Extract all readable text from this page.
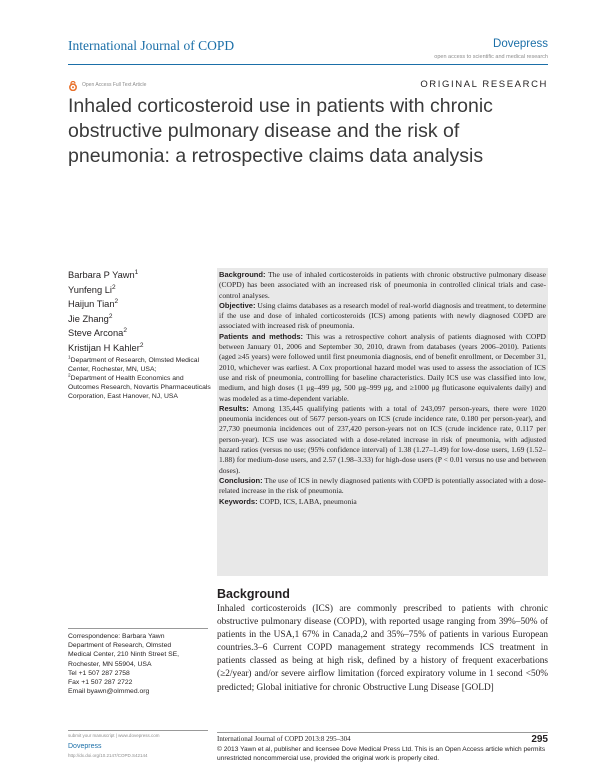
International Journal of COPD	Dovepress
open access to scientific and medical research
Open Access Full Text Article	ORIGINAL RESEARCH
Inhaled corticosteroid use in patients with chronic obstructive pulmonary disease and the risk of pneumonia: a retrospective claims data analysis
Barbara P Yawn$^1$
Yunfeng Li$^2$
Haijun Tian$^2$
Jie Zhang$^2$
Steve Arcona$^2$
Kristijan H Kahler$^2$
$^1$Department of Research, Olmsted Medical Center, Rochester, MN, USA;
$^2$Department of Health Economics and Outcomes Research, Novartis Pharmaceuticals Corporation, East Hanover, NJ, USA

Background: The use of inhaled corticosteroids in patients with chronic obstructive pulmonary disease (COPD) has been associated with an increased risk of pneumonia in controlled clinical trials and case-control analyses.

Objective: Using claims databases as a research model of real-world diagnosis and treatment, to determine if the use and dose of inhaled corticosteroids (ICS) among patients with newly diagnosed COPD are associated with increased risk of pneumonia.

Patients and methods: This was a retrospective cohort analysis of patients diagnosed with COPD between January 01, 2006 and September 30, 2010, drawn from databases (years 2006–2010). Patients (aged ≥45 years) were followed until first pneumonia diagnosis, end of benefit enrollment, or December 31, 2010, whichever was earliest. A Cox proportional hazard model was used to assess the association of ICS use and risk of pneumonia, controlling for baseline characteristics. Daily ICS use was classified into low, medium, and high doses (1 μg–499 μg, 500 μg–999 μg, and ≥1000 μg fluticasone equivalents daily) and was modeled as a time-dependent variable.

Results: Among 135,445 qualifying patients with a total of 243,097 person-years, there were 1020 pneumonia incidences out of 5677 person-years on ICS (crude incidence rate, 0.180 per person-year), and 27,730 pneumonia incidences out of 237,420 person-years not on ICS (crude incidence rate, 0.117 per person-year). ICS use was associated with a dose-related increase in risk of pneumonia, with adjusted hazard ratios (versus no use; (95% confidence interval) of 1.38 (1.27–1.49) for low-dose users, 1.69 (1.52–1.88) for medium-dose users, and 2.57 (1.98–3.33) for high-dose users (P < 0.01 versus no use and between doses).

Conclusion: The use of ICS in newly diagnosed patients with COPD is potentially associated with a dose-related increase in the risk of pneumonia.

Keywords: COPD, ICS, LABA, pneumonia

Background
Inhaled corticosteroids (ICS) are commonly prescribed to patients with chronic obstructive pulmonary disease (COPD), with reported usage ranging from 39%–50% of patients in the USA,1 67% in Canada,2 and 35%–75% of patients in various European countries.3–6 Current COPD management strategy recommends ICS treatment in patients classed as being at high risk, defined by a history of frequent exacerbations (≥2/year) and/or severe airflow limitation (forced expiratory volume in 1 second <50% predicted; Global initiative for chronic Obstructive Lung Disease [GOLD]
Correspondence: Barbara Yawn
Department of Research, Olmsted
Medical Center, 210 Ninth Street SE,
Rochester, MN 55904, USA
Tel +1 507 287 2758
Fax +1 507 287 2722
Email byawn@olmmed.org
submit your manuscript | www.dovepress.com
Dovepress
http://dx.doi.org/10.2147/COPD.S42144
International Journal of COPD 2013:8 295–304	295
© 2013 Yawn et al, publisher and licensee Dove Medical Press Ltd. This is an Open Access article which permits unrestricted noncommercial use, provided the original work is properly cited.
